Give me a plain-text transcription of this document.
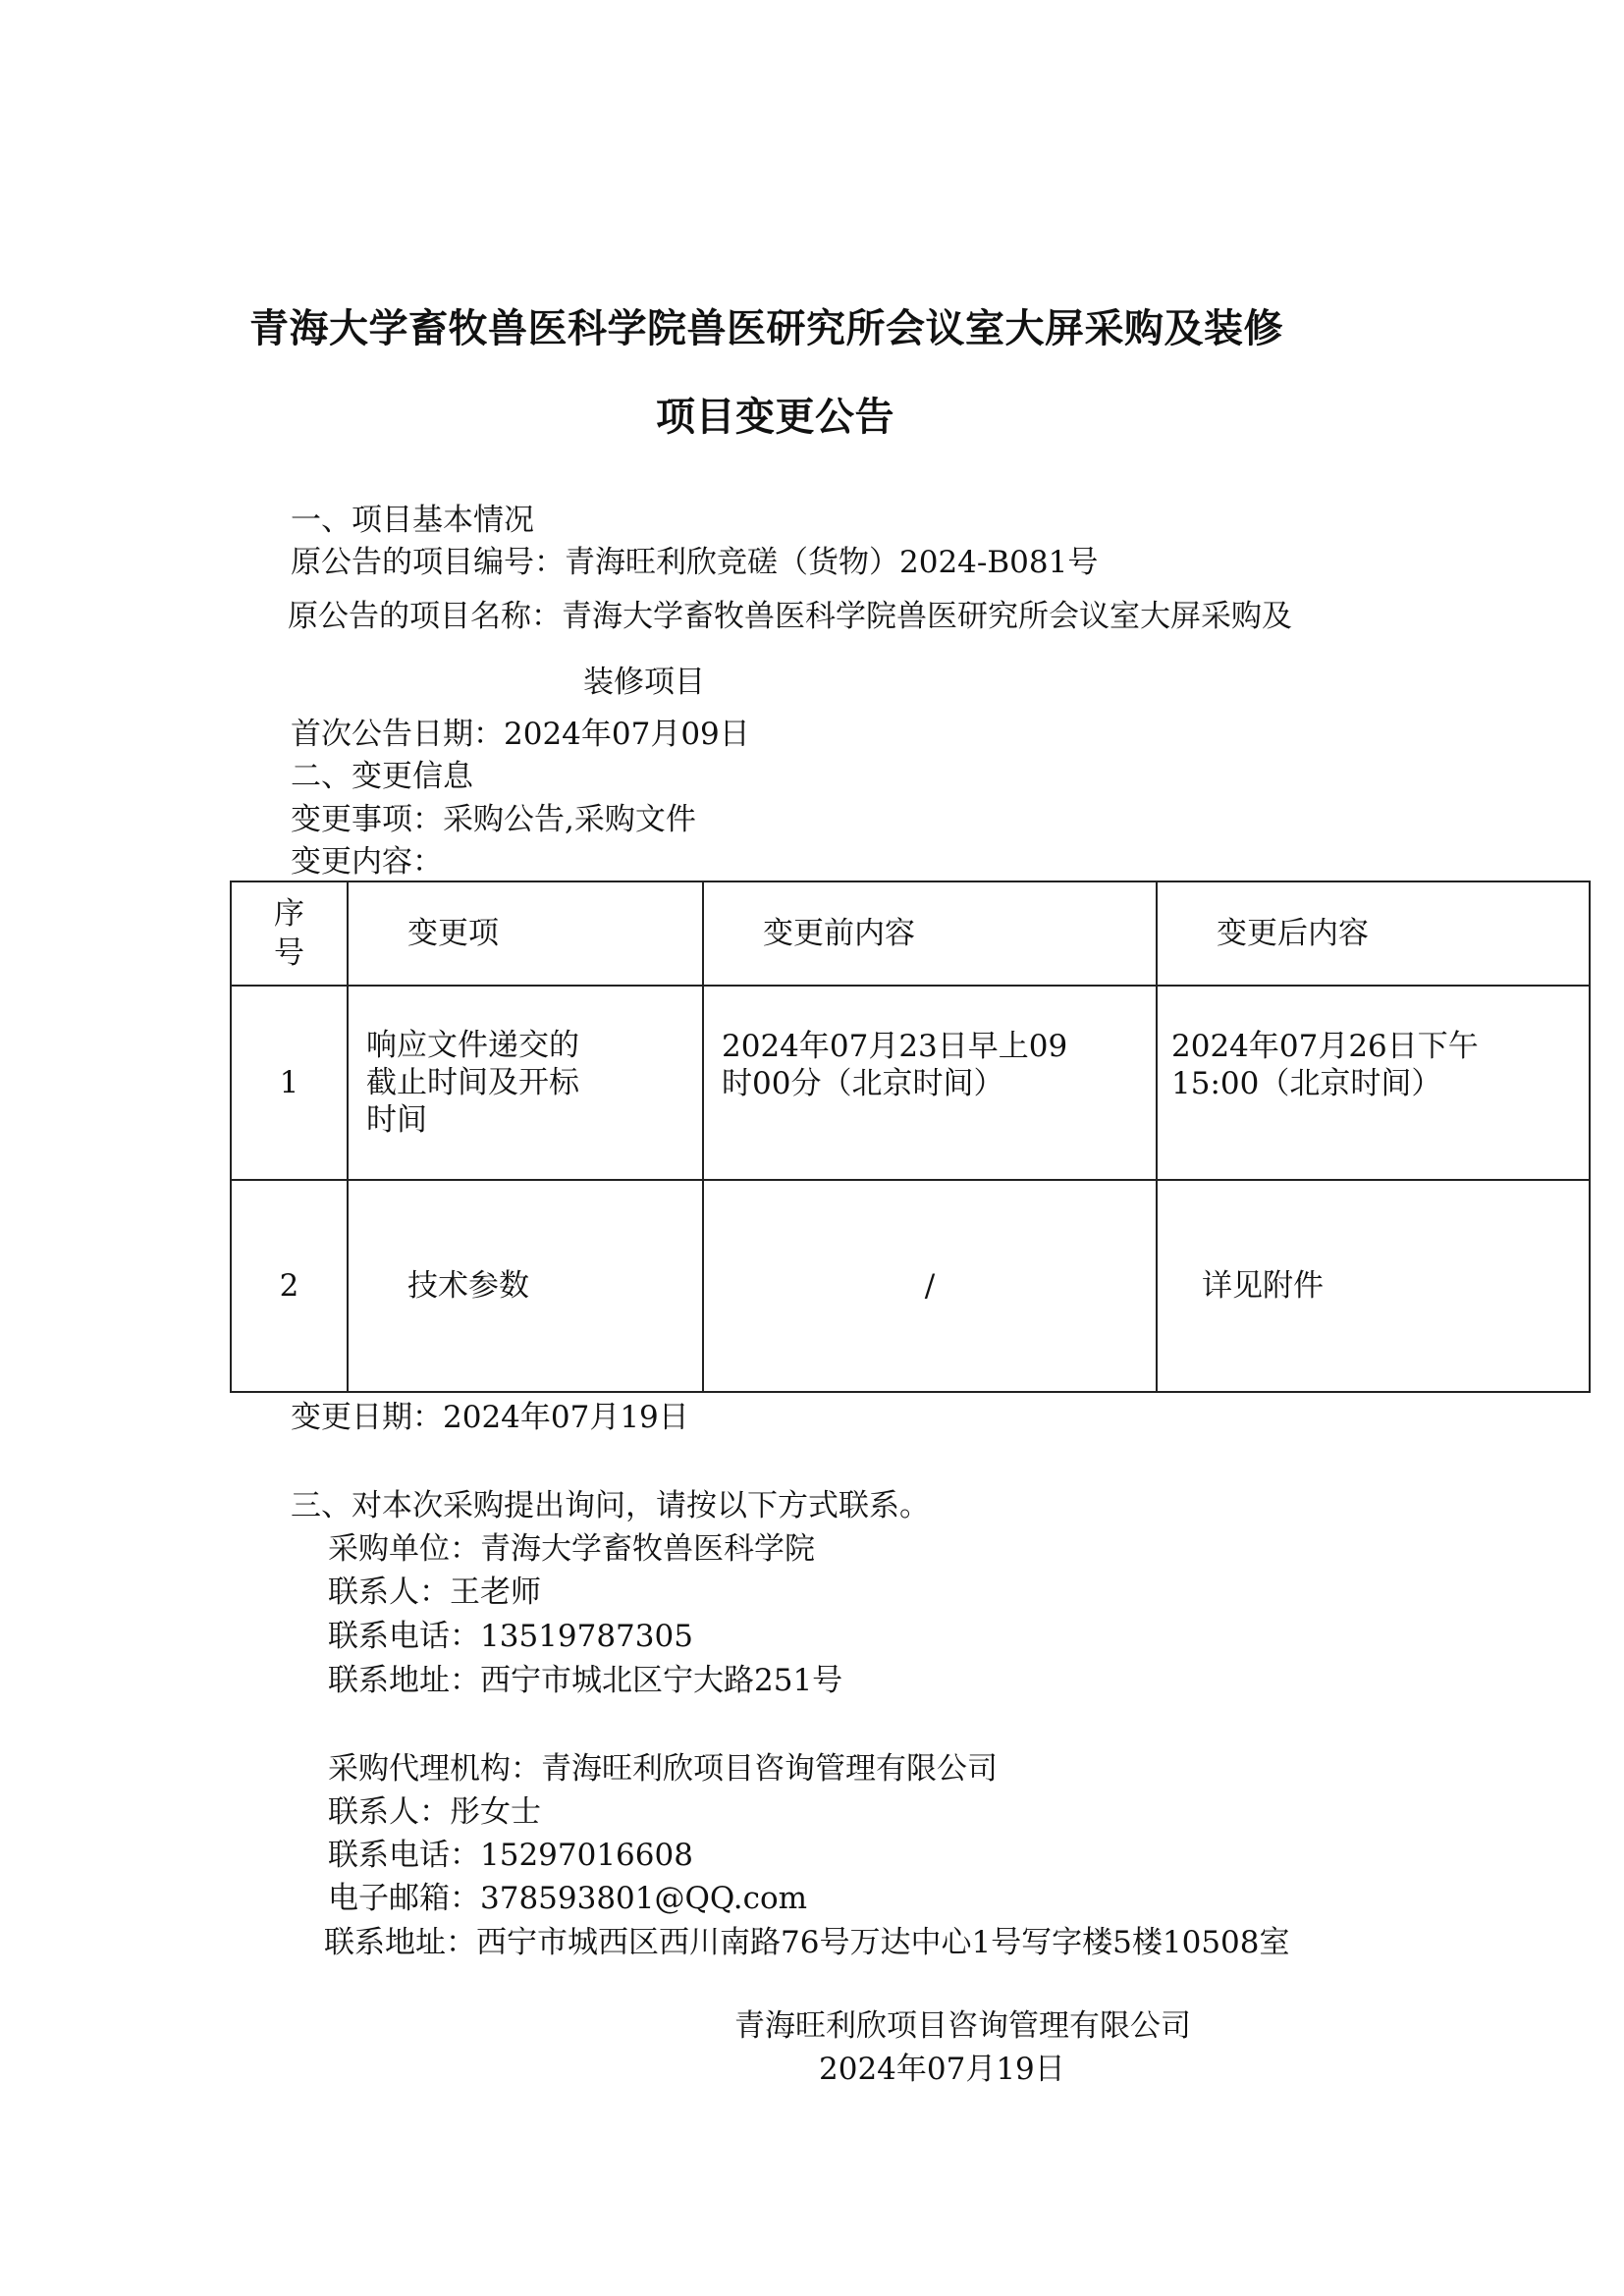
青海大学畜牧兽医科学院兽医研究所会议室大屏采购及装修
项目变更公告
一、项目基本情况
原公告的项目编号：青海旺利欣竞磋（货物）2024-B081号
原公告的项目名称：青海大学畜牧兽医科学院兽医研究所会议室大屏采购及
装修项目
首次公告日期：2024年07月09日
二、变更信息
变更事项：采购公告,采购文件
变更内容：
序号	变更项	变更前内容	变更后内容
1	响应文件递交的截止时间及开标时间	2024年07月23日早上09时00分（北京时间）	2024年07月26日下午15:00（北京时间）

2	技术参数	/	详见附件
变更日期：2024年07月19日
三、对本次采购提出询问，请按以下方式联系。
采购单位：青海大学畜牧兽医科学院
联系人：王老师
联系电话：13519787305
联系地址：西宁市城北区宁大路251号
采购代理机构：青海旺利欣项目咨询管理有限公司
联系人：彤女士
联系电话：15297016608
电子邮箱：378593801@QQ.com
联系地址：西宁市城西区西川南路76号万达中心1号写字楼5楼10508室
青海旺利欣项目咨询管理有限公司
2024年07月19日
